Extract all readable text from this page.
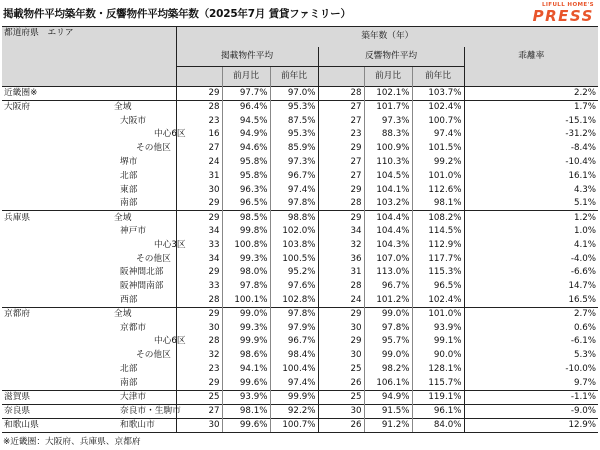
掲載物件平均築年数・反響物件平均築年数（2025年7月 賃貸ファミリー）
LIFULL HOME'S
PRESS
都道府県　エリア		築年数（年）						
		掲載物件平均			反響物件平均			乖離率
			前月比	前年比		前月比	前年比	
近畿圏※		29	97.7%	97.0%	28	102.1%	103.7%	2.2%
大阪府	全域	28	96.4%	95.3%	27	101.7%	102.4%	1.7%
	大阪市	23	94.5%	87.5%	27	97.3%	100.7%	-15.1%
	中心6区	16	94.9%	95.3%	23	88.3%	97.4%	-31.2%
	その他区	27	94.6%	85.9%	29	100.9%	101.5%	-8.4%
	堺市	24	95.8%	97.3%	27	110.3%	99.2%	-10.4%
	北部	31	95.8%	96.7%	27	104.5%	101.0%	16.1%
	東部	30	96.3%	97.4%	29	104.1%	112.6%	4.3%
	南部	29	96.5%	97.8%	28	103.2%	98.1%	5.1%
兵庫県	全域	29	98.5%	98.8%	29	104.4%	108.2%	1.2%
	神戸市	34	99.8%	102.0%	34	104.4%	114.5%	1.0%
	中心3区	33	100.8%	103.8%	32	104.3%	112.9%	4.1%
	その他区	34	99.3%	100.5%	36	107.0%	117.7%	-4.0%
	阪神間北部	29	98.0%	95.2%	31	113.0%	115.3%	-6.6%
	阪神間南部	33	97.8%	97.6%	28	96.7%	96.5%	14.7%
	西部	28	100.1%	102.8%	24	101.2%	102.4%	16.5%
京都府	全域	29	99.0%	97.8%	29	99.0%	101.0%	2.7%
	京都市	30	99.3%	97.9%	30	97.8%	93.9%	0.6%
	中心6区	28	99.9%	96.7%	29	95.7%	99.1%	-6.1%
	その他区	32	98.6%	98.4%	30	99.0%	90.0%	5.3%
	北部	23	94.1%	100.4%	25	98.2%	128.1%	-10.0%
	南部	29	99.6%	97.4%	26	106.1%	115.7%	9.7%
滋賀県	大津市	25	93.9%	99.9%	25	94.9%	119.1%	-1.1%
奈良県	奈良市・生駒市	27	98.1%	92.2%	30	91.5%	96.1%	-9.0%
和歌山県	和歌山市	30	99.6%	100.7%	26	91.2%	84.0%	12.9%
※近畿圏：大阪府、兵庫県、京都府
